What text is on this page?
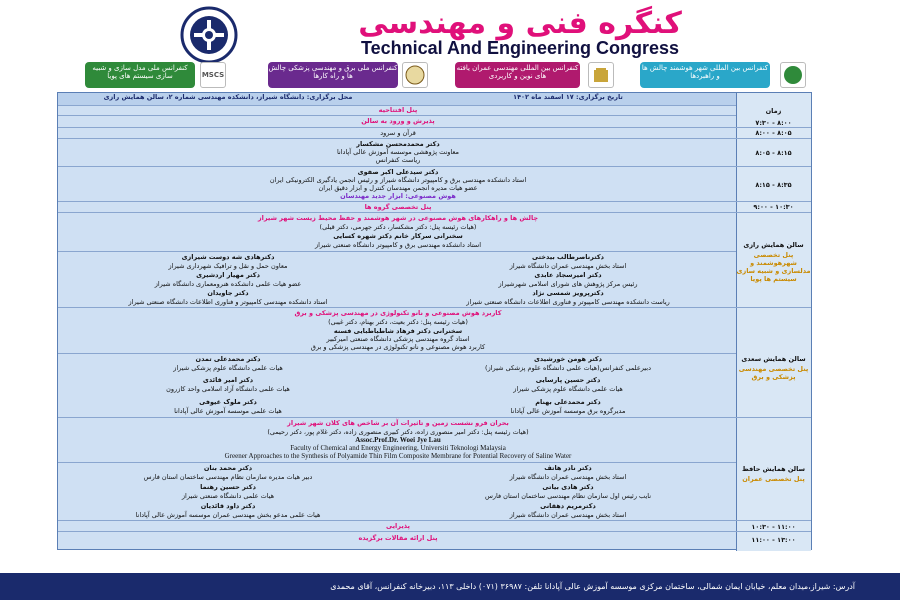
کنگره فنی و مهندسی
Technical And Engineering Congress
MSCS
کنفرانس ملی مدل سازی و شبیه سازی سیستم های پویا
کنفرانس ملی برق و مهندسی پزشکی چالش ها و راه کارها
کنفرانس بین المللی مهندسی عمران یافته های نوین و کاربردی
کنفرانس بین المللی شهر هوشمند چالش ها و راهبردها
تاریخ برگزاری: ۱۷ اسفند ماه ۱۴۰۲
محل برگزاری: دانشگاه شیراز، دانشکده مهندسی شماره ۲، سالن همایش رازی
پنل افتتاحیه
پذیرش و ورود به سالن
قرآن و سرود
دکتر محمدمحسن مشکسار
معاونت پژوهشی موسسه آموزش عالی آپادانا
ریاست کنفرانس
دکتر سیدعلی اکبر صفوی
استاد دانشکده مهندسی برق و کامپیوتر دانشگاه شیراز و رئیس انجمن یادگیری الکترونیکی ایران
عضو هیات مدیره انجمن مهندسان کنترل و ابزار دقیق ایران
هوش مصنوعی: ابزار جدید مهندسان
پنل تخصصی گروه ها
چالش ها و راهکارهای هوش مصنوعی در شهر هوشمند و حفظ محیط زیست شهر شیراز
(هیات رئیسه پنل: دکتر مشکسار، دکتر جهرمی، دکتر قیلی)
سخنرانی سرکار خانم دکتر شهره کسایی
استاد دانشکده مهندسی برق و کامپیوتر دانشگاه صنعتی شیراز
دکترناصرطالب بیدختی
دکترهادی شه دوست شیرازی
استاد بخش مهندسی عمران دانشگاه شیراز
معاون حمل و نقل و ترافیک شهرداری شیراز
دکتر امیرسجاد عابدی
دکتر مهیار اردشیری
رئیس مرکز پژوهش های شورای اسلامی شهرشیراز
عضو هیات علمی دانشکده هنرومعماری دانشگاه شیراز
دکترپرویز شمسی نژاد
دکتر جاویدان
ریاست دانشکده مهندسی کامپیوتر و فناوری اطلاعات دانشگاه صنعتی شیراز
استاد دانشکده مهندسی کامپیوتر و فناوری اطلاعات دانشگاه صنعتی شیراز
کاربرد هوش مصنوعی و نانو تکنولوژی در مهندسی پزشکی و برق
(هیات رئیسه پنل: دکتر بعیت، دکتر بهنام، دکتر غیبی)
سخنرانی دکتر فرهاد شاطباطبایی فسنه
استاد گروه مهندسی پزشکی دانشگاه صنعتی امیرکبیر
کاربرد هوش مصنوعی و نانو تکنولوژی در مهندسی پزشکی و برق
دکتر هومن خورشیدی
دکتر محمدعلی تمدن
دبیرعلمی کنفرانس(هیات علمی دانشگاه علوم پزشکی شیراز)
هیات علمی دانشگاه علوم پزشکی شیراز
دکتر حسین پارسایی
دکتر امیر قائدی
هیات علمی دانشگاه علوم پزشکی شیراز
هیات علمی دانشگاه آزاد اسلامی واحد کازرون
دکتر محمدعلی بهنام
دکتر ملوک غیوفی
مدیرگروه برق موسسه آموزش عالی آپادانا
هیات علمی موسسه آموزش عالی آپادانا
بحران فرو نشست زمین و تاثیرات آن بر شاخص های کلان شهر شیراز
(هیات رئیسه پنل: دکتر امیر منصوری زاده، دکتر کبیری منصوری زاده، دکتر غلام پور، دکتر رحیمی)
Assoc.Prof.Dr. Woei Jye Lau
Faculty of Chemical and Energy Engineering, Universiti Teknologi Malaysia
Greener Approaches to the Synthesis of Polyamide Thin Film Composite Membrane for Potential Recovery of Saline Water
دکتر نادر هاتف
دکتر محمد بنان
استاد بخش مهندسی عمران دانشگاه شیراز
دبیر هیات مدیره سازمان نظام مهندسی ساختمان استان فارس
دکتر هادی بیاتی
دکتر حسین رهنما
نایب رئیس اول سازمان نظام مهندسی ساختمان استان فارس
هیات علمی دانشگاه صنعتی شیراز
دکترمریم دهقانی
دکتر داود قائدیان
استاد بخش مهندسی عمران دانشگاه شیراز
هیات علمی مدعو بخش مهندسی عمران موسسه آموزش عالی آپادانا
پذیرایی
پنل ارائه مقالات برگزیده
زمان
۸:۰۰ - ۷:۳۰
۸:۰۵ - ۸:۰۰
۸:۱۵ - ۸:۰۵
۸:۳۵ - ۸:۱۵
۱۰:۳۰ - ۹:۰۰
سالن همایش رازی
پنل تخصصی شهرهوشمند و مدلسازی و شبیه سازی سیستم ها پویا
سالن همایش سعدی
پنل تخصصی مهندسی پزشکی و برق
سالن همایش حافظ
پنل تخصصی عمران
۱۱:۰۰ - ۱۰:۳۰
۱۳:۰۰ - ۱۱:۰۰
آدرس: شیراز،میدان معلم، خیابان ایمان شمالی، ساختمان مرکزی موسسه آموزش عالی آپادانا تلفن: ۳۶۹۸۷ (۰۷۱) داخلی ۱۱۳، دبیرخانه کنفرانس، آقای محمدی
